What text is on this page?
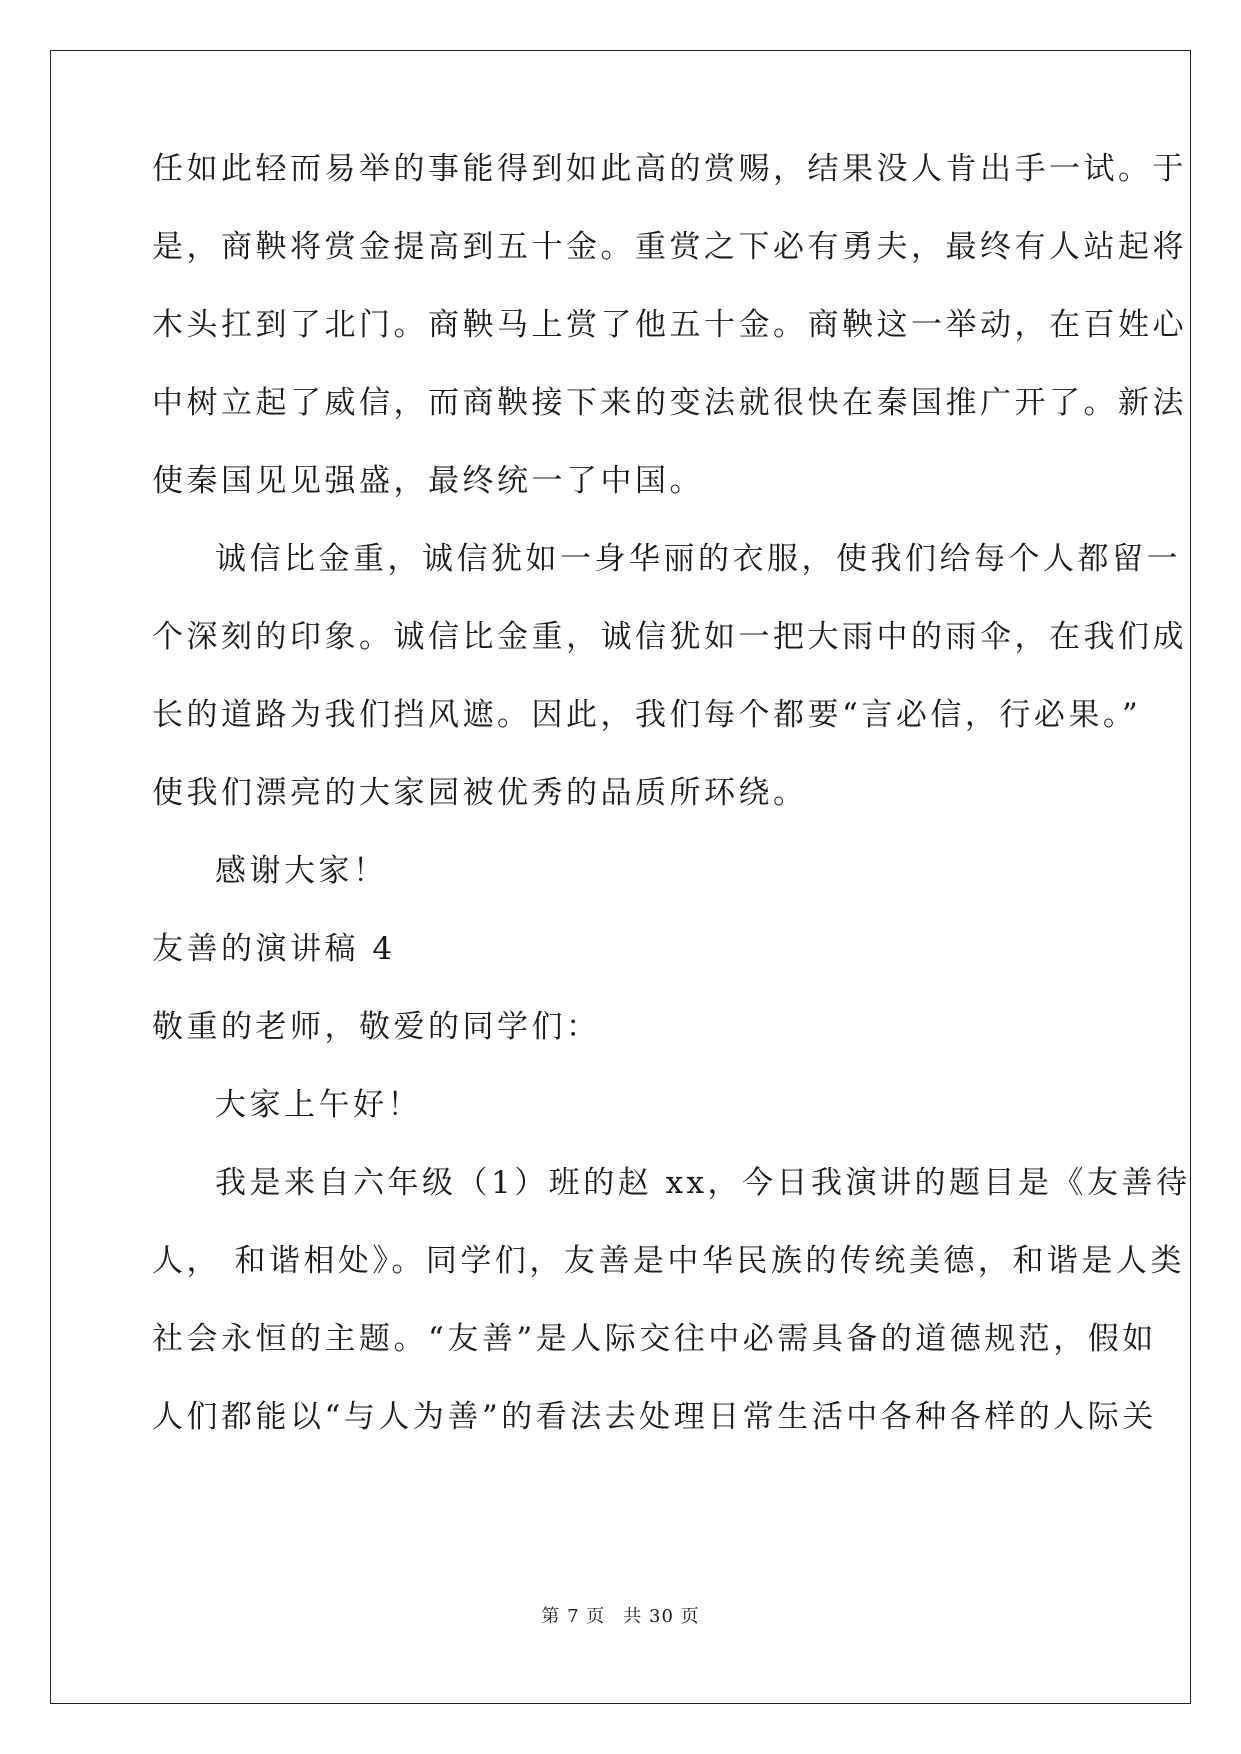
任如此轻而易举的事能得到如此高的赏赐，结果没人肯出手一试。于
是，商鞅将赏金提高到五十金。重赏之下必有勇夫，最终有人站起将
木头扛到了北门。商鞅马上赏了他五十金。商鞅这一举动，在百姓心
中树立起了威信，而商鞅接下来的变法就很快在秦国推广开了。新法
使秦国见见强盛，最终统一了中国。
诚信比金重，诚信犹如一身华丽的衣服，使我们给每个人都留一
个深刻的印象。诚信比金重，诚信犹如一把大雨中的雨伞，在我们成
长的道路为我们挡风遮。因此，我们每个都要“言必信，行必果。”
使我们漂亮的大家园被优秀的品质所环绕。
感谢大家！
友善的演讲稿 4
敬重的老师，敬爱的同学们：
大家上午好！
我是来自六年级（1）班的赵 xx，今日我演讲的题目是《友善待
人， 和谐相处》。同学们，友善是中华民族的传统美德，和谐是人类
社会永恒的主题。“友善”是人际交往中必需具备的道德规范，假如
人们都能以“与人为善”的看法去处理日常生活中各种各样的人际关
第 7 页 共 30 页
